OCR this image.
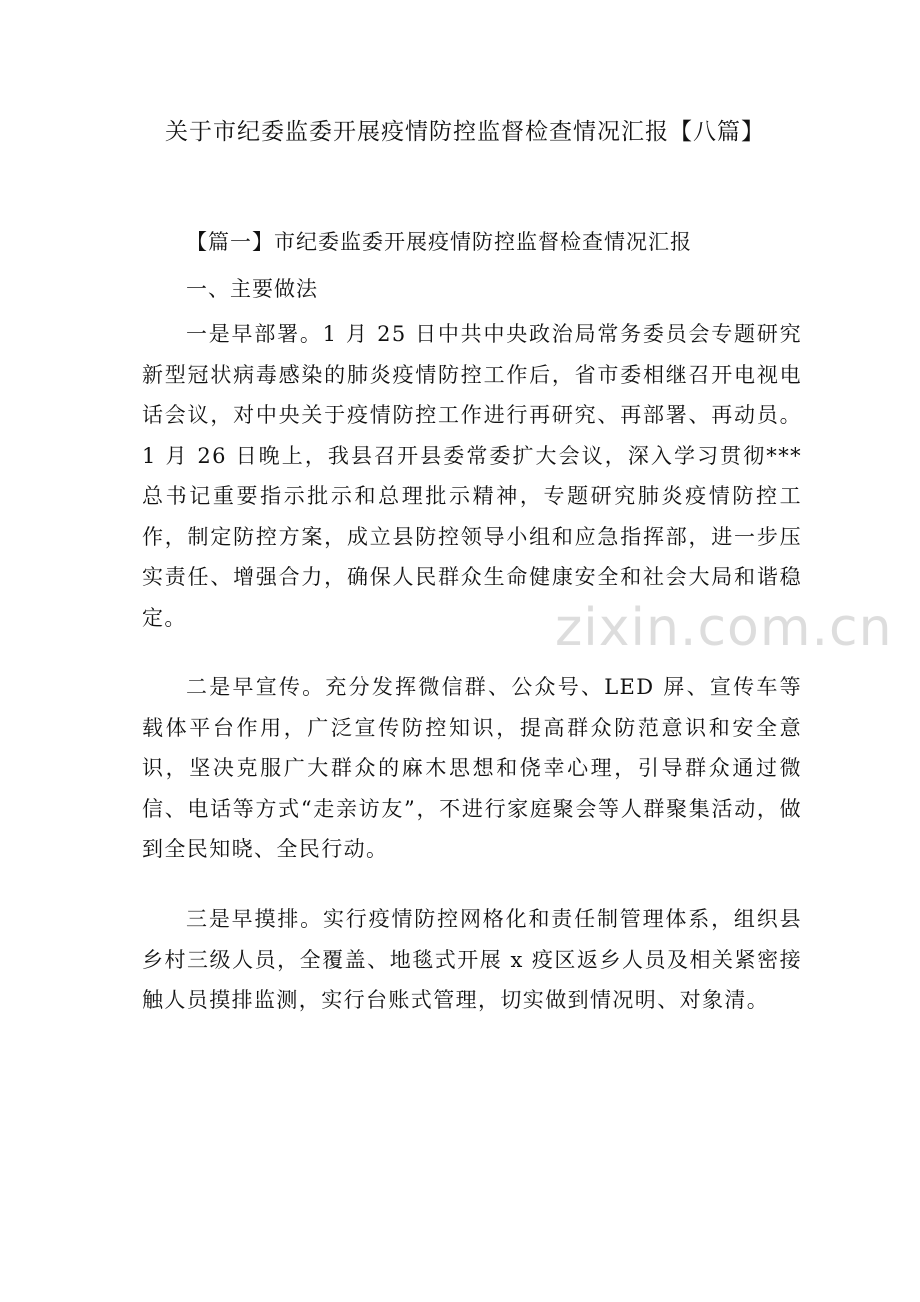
关于市纪委监委开展疫情防控监督检查情况汇报【八篇】
【篇一】市纪委监委开展疫情防控监督检查情况汇报
一、主要做法
一是早部署。1 月 25 日中共中央政治局常务委员会专题研究新型冠状病毒感染的肺炎疫情防控工作后，省市委相继召开电视电话会议，对中央关于疫情防控工作进行再研究、再部署、再动员。1 月 26 日晚上，我县召开县委常委扩大会议，深入学习贯彻***总书记重要指示批示和总理批示精神，专题研究肺炎疫情防控工作，制定防控方案，成立县防控领导小组和应急指挥部，进一步压实责任、增强合力，确保人民群众生命健康安全和社会大局和谐稳定。
二是早宣传。充分发挥微信群、公众号、LED 屏、宣传车等载体平台作用，广泛宣传防控知识，提高群众防范意识和安全意识，坚决克服广大群众的麻木思想和侥幸心理，引导群众通过微信、电话等方式“走亲访友”，不进行家庭聚会等人群聚集活动，做到全民知晓、全民行动。
三是早摸排。实行疫情防控网格化和责任制管理体系，组织县乡村三级人员，全覆盖、地毯式开展 x 疫区返乡人员及相关紧密接触人员摸排监测，实行台账式管理，切实做到情况明、对象清。
zixin.com.cn
